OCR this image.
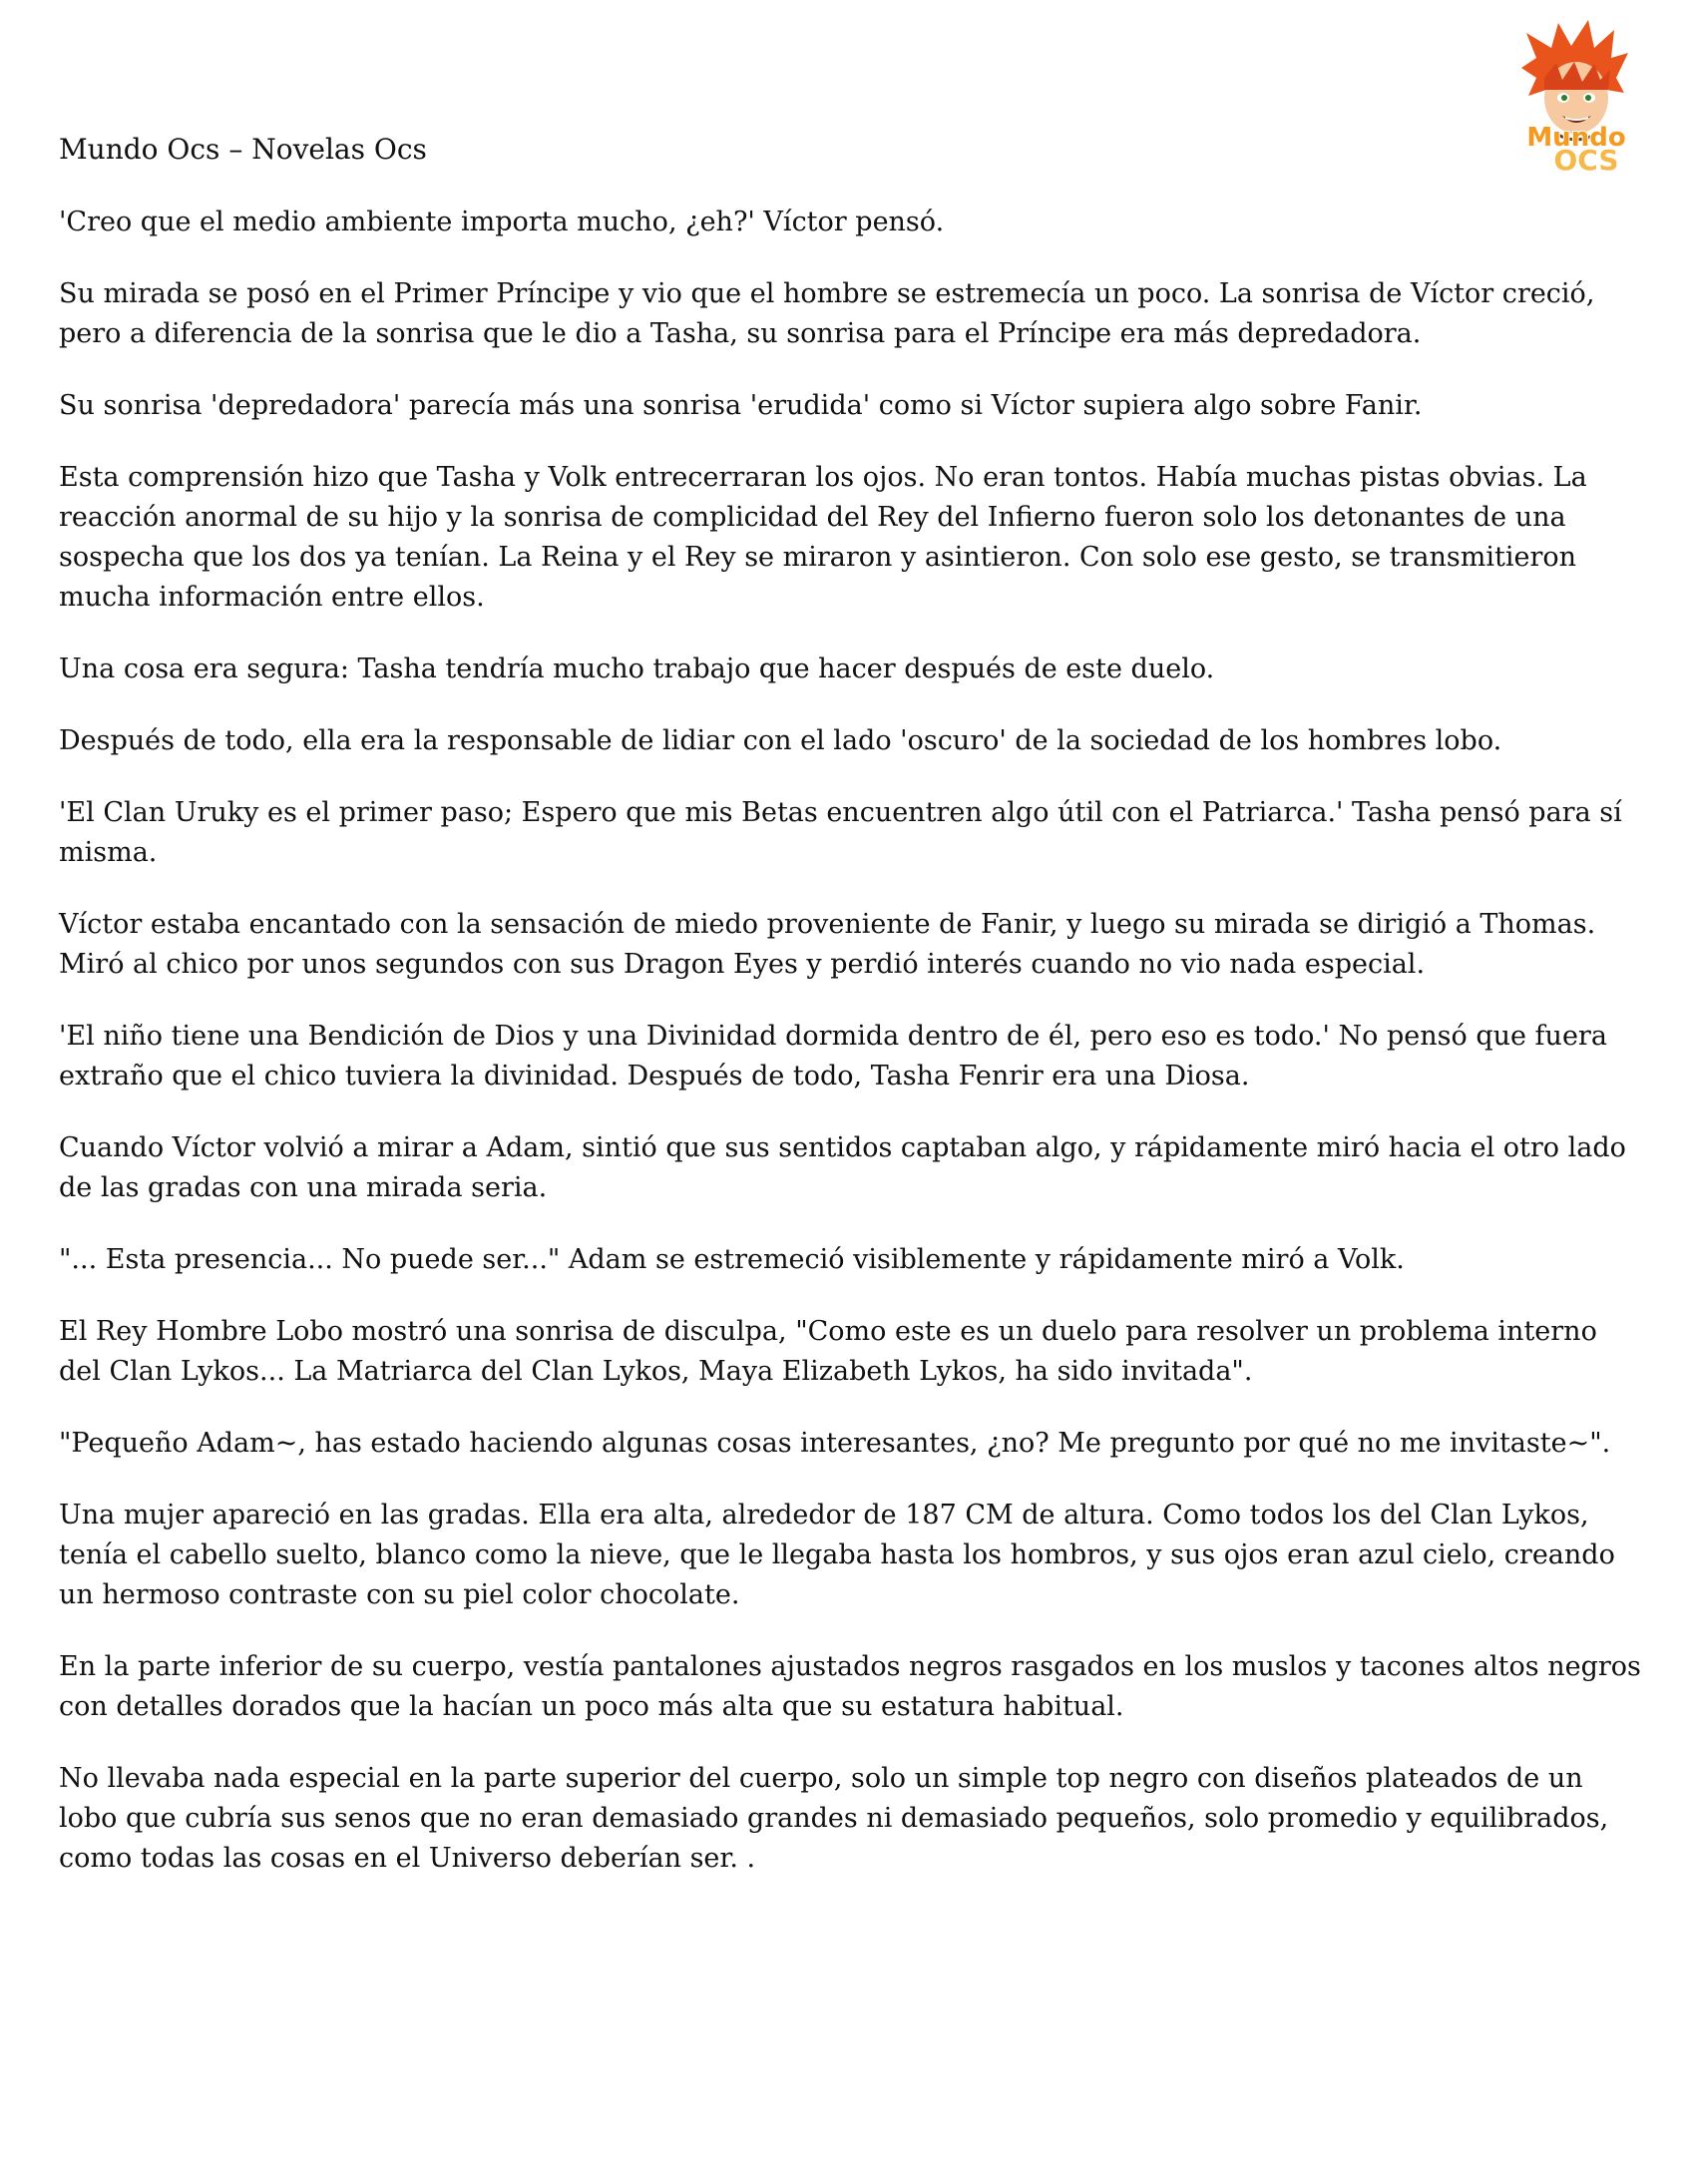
Mundo Ocs – Novelas Ocs	Mundo
OCS

'Creo que el medio ambiente importa mucho, ¿eh?' Víctor pensó.

Su mirada se posó en el Primer Príncipe y vio que el hombre se estremecía un poco. La sonrisa de Víctor creció, pero a diferencia de la sonrisa que le dio a Tasha, su sonrisa para el Príncipe era más depredadora.

Su sonrisa 'depredadora' parecía más una sonrisa 'erudida' como si Víctor supiera algo sobre Fanir.

Esta comprensión hizo que Tasha y Volk entrecerraran los ojos. No eran tontos. Había muchas pistas obvias. La reacción anormal de su hijo y la sonrisa de complicidad del Rey del Infierno fueron solo los detonantes de una sospecha que los dos ya tenían. La Reina y el Rey se miraron y asintieron. Con solo ese gesto, se transmitieron mucha información entre ellos.

Una cosa era segura: Tasha tendría mucho trabajo que hacer después de este duelo.

Después de todo, ella era la responsable de lidiar con el lado 'oscuro' de la sociedad de los hombres lobo.

'El Clan Uruky es el primer paso; Espero que mis Betas encuentren algo útil con el Patriarca.' Tasha pensó para sí misma.

Víctor estaba encantado con la sensación de miedo proveniente de Fanir, y luego su mirada se dirigió a Thomas. Miró al chico por unos segundos con sus Dragon Eyes y perdió interés cuando no vio nada especial.

'El niño tiene una Bendición de Dios y una Divinidad dormida dentro de él, pero eso es todo.' No pensó que fuera extraño que el chico tuviera la divinidad. Después de todo, Tasha Fenrir era una Diosa.

Cuando Víctor volvió a mirar a Adam, sintió que sus sentidos captaban algo, y rápidamente miró hacia el otro lado de las gradas con una mirada seria.

"... Esta presencia... No puede ser..." Adam se estremeció visiblemente y rápidamente miró a Volk.

El Rey Hombre Lobo mostró una sonrisa de disculpa, "Como este es un duelo para resolver un problema interno del Clan Lykos... La Matriarca del Clan Lykos, Maya Elizabeth Lykos, ha sido invitada".

"Pequeño Adam~, has estado haciendo algunas cosas interesantes, ¿no? Me pregunto por qué no me invitaste~".

Una mujer apareció en las gradas. Ella era alta, alrededor de 187 CM de altura. Como todos los del Clan Lykos, tenía el cabello suelto, blanco como la nieve, que le llegaba hasta los hombros, y sus ojos eran azul cielo, creando un hermoso contraste con su piel color chocolate.

En la parte inferior de su cuerpo, vestía pantalones ajustados negros rasgados en los muslos y tacones altos negros con detalles dorados que la hacían un poco más alta que su estatura habitual.

No llevaba nada especial en la parte superior del cuerpo, solo un simple top negro con diseños plateados de un lobo que cubría sus senos que no eran demasiado grandes ni demasiado pequeños, solo promedio y equilibrados, como todas las cosas en el Universo deberían ser. .
